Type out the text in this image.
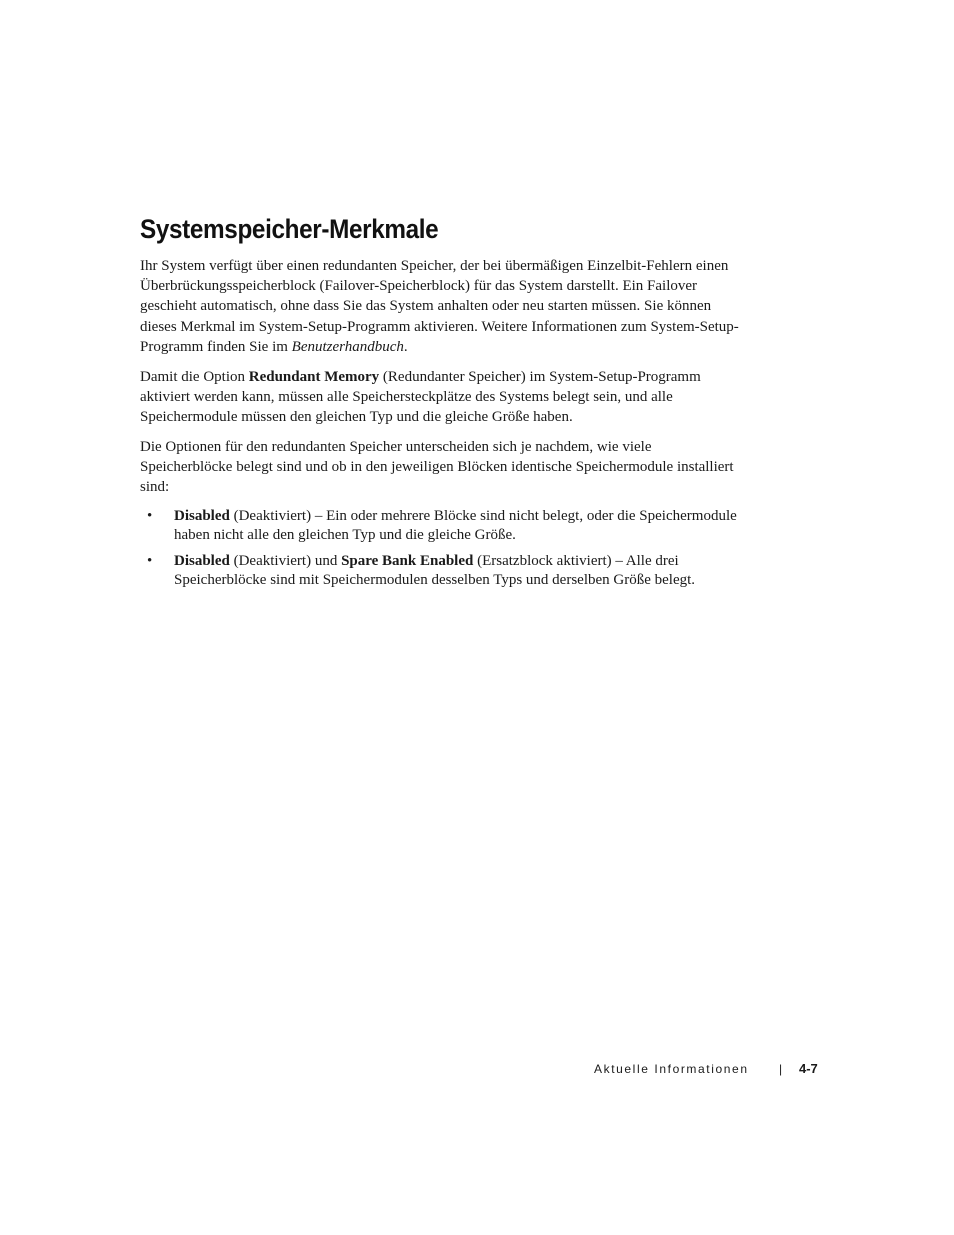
Systemspeicher-Merkmale

Ihr System verfügt über einen redundanten Speicher, der bei übermäßigen Einzelbit-Fehlern einen Überbrückungsspeicherblock (Failover-Speicherblock) für das System darstellt. Ein Failover geschieht automatisch, ohne dass Sie das System anhalten oder neu starten müssen. Sie können dieses Merkmal im System-Setup-Programm aktivieren. Weitere Informationen zum System-Setup-Programm finden Sie im Benutzerhandbuch.

Damit die Option Redundant Memory (Redundanter Speicher) im System-Setup-Programm aktiviert werden kann, müssen alle Speichersteckplätze des Systems belegt sein, und alle Speichermodule müssen den gleichen Typ und die gleiche Größe haben.

Die Optionen für den redundanten Speicher unterscheiden sich je nachdem, wie viele Speicherblöcke belegt sind und ob in den jeweiligen Blöcken identische Speichermodule installiert sind:

• Disabled (Deaktiviert) – Ein oder mehrere Blöcke sind nicht belegt, oder die Speichermodule haben nicht alle den gleichen Typ und die gleiche Größe.
• Disabled (Deaktiviert) und Spare Bank Enabled (Ersatzblock aktiviert) – Alle drei Speicherblöcke sind mit Speichermodulen desselben Typs und derselben Größe belegt.
Aktuelle Informationen	| 4-7
